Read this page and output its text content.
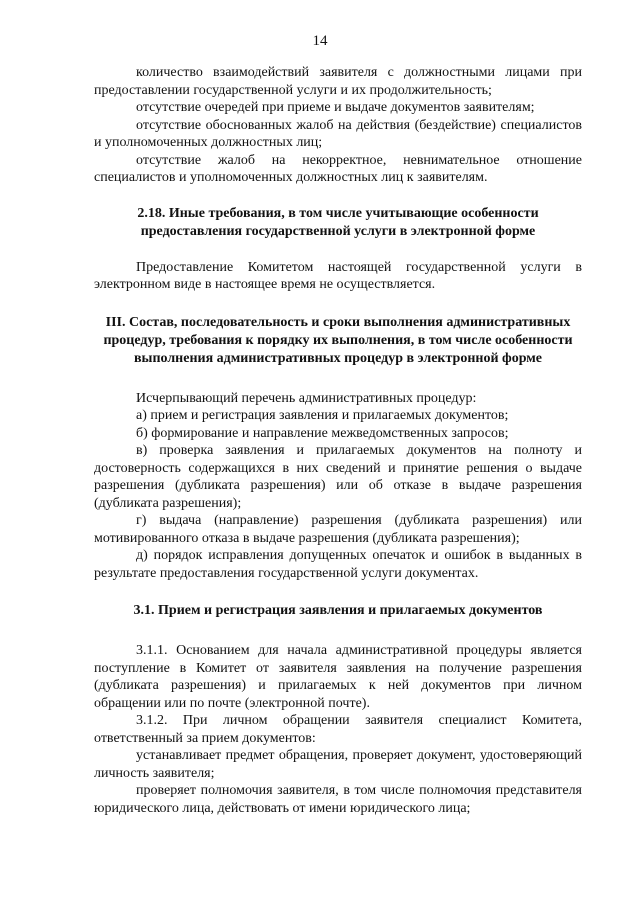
14

количество взаимодействий заявителя с должностными лицами при предоставлении государственной услуги и их продолжительность;

отсутствие очередей при приеме и выдаче документов заявителям;

отсутствие обоснованных жалоб на действия (бездействие) специалистов и уполномоченных должностных лиц;

отсутствие жалоб на некорректное, невнимательное отношение специалистов и уполномоченных должностных лиц к заявителям.

2.18. Иные требования, в том числе учитывающие особенности предоставления государственной услуги в электронной форме

Предоставление Комитетом настоящей государственной услуги в электронном виде в настоящее время не осуществляется.

III. Состав, последовательность и сроки выполнения административных процедур, требования к порядку их выполнения, в том числе особенности выполнения административных процедур в электронной форме

Исчерпывающий перечень административных процедур:

а) прием и регистрация заявления и прилагаемых документов;

б) формирование и направление межведомственных запросов;

в) проверка заявления и прилагаемых документов на полноту и достоверность содержащихся в них сведений и принятие решения о выдаче разрешения (дубликата разрешения) или об отказе в выдаче разрешения (дубликата разрешения);

г) выдача (направление) разрешения (дубликата разрешения) или мотивированного отказа в выдаче разрешения (дубликата разрешения);

д) порядок исправления допущенных опечаток и ошибок в выданных в результате предоставления государственной услуги документах.

3.1. Прием и регистрация заявления и прилагаемых документов

3.1.1. Основанием для начала административной процедуры является поступление в Комитет от заявителя заявления на получение разрешения (дубликата разрешения) и прилагаемых к ней документов при личном обращении или по почте (электронной почте).

3.1.2. При личном обращении заявителя специалист Комитета, ответственный за прием документов:

устанавливает предмет обращения, проверяет документ, удостоверяющий личность заявителя;

проверяет полномочия заявителя, в том числе полномочия представителя юридического лица, действовать от имени юридического лица;
